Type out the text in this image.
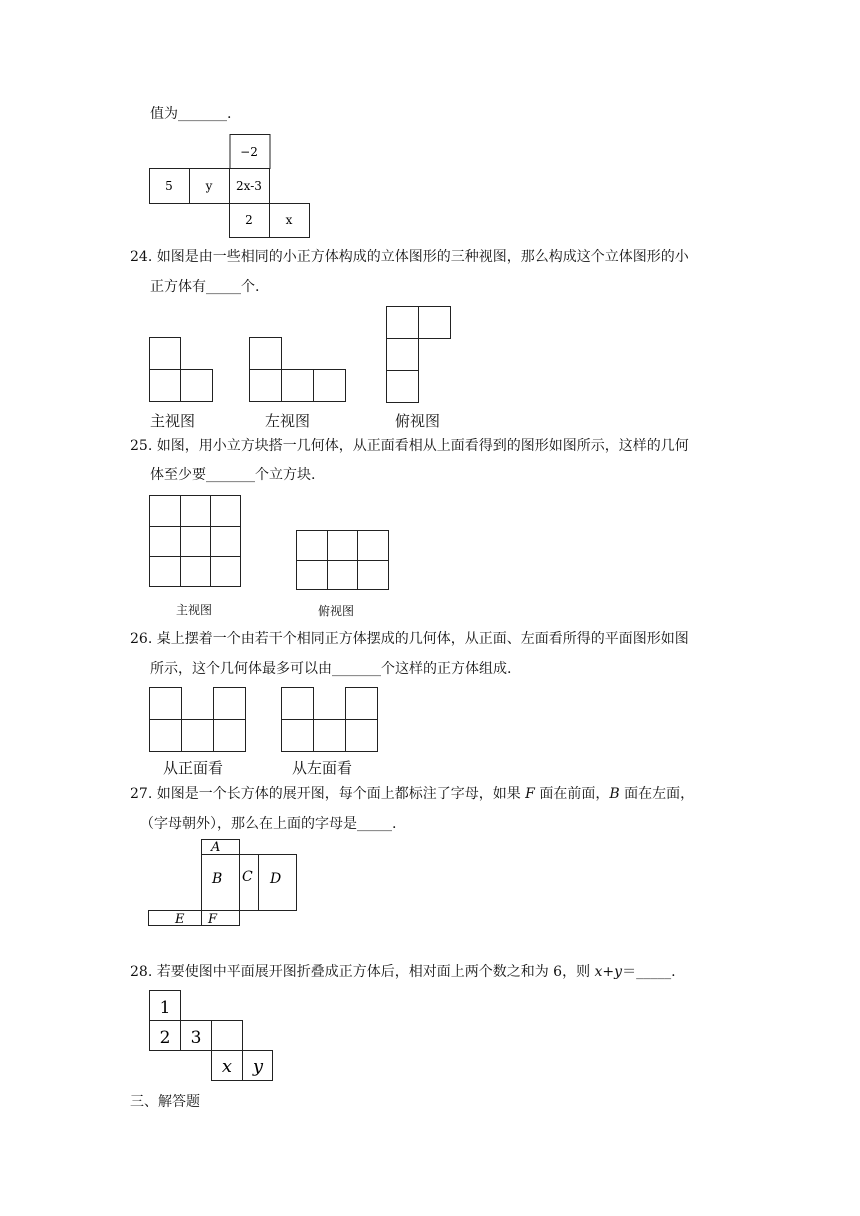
值为_______.
−2
5	y 2x-3
2	x
24. 如图是由一些相同的小正方体构成的立体图形的三种视图，那么构成这个立体图形的小
正方体有_____个.
主视图	左视图	俯视图
25. 如图，用小立方块搭一几何体，从正面看相从上面看得到的图形如图所示，这样的几何
体至少要_______个立方块.
主视图	俯视图
26. 桌上摆着一个由若干个相同正方体摆成的几何体，从正面、左面看所得的平面图形如图
所示，这个几何体最多可以由_______个这样的正方体组成.
从正面看	从左面看
27. 如图是一个长方体的展开图，每个面上都标注了字母，如果 F 面在前面，B 面在左面，
（字母朝外），那么在上面的字母是_____.
A
B C D
E F
28. 若要使图中平面展开图折叠成正方体后，相对面上两个数之和为 6，则 x+y＝_____.
1
2 3
x y
三、解答题
